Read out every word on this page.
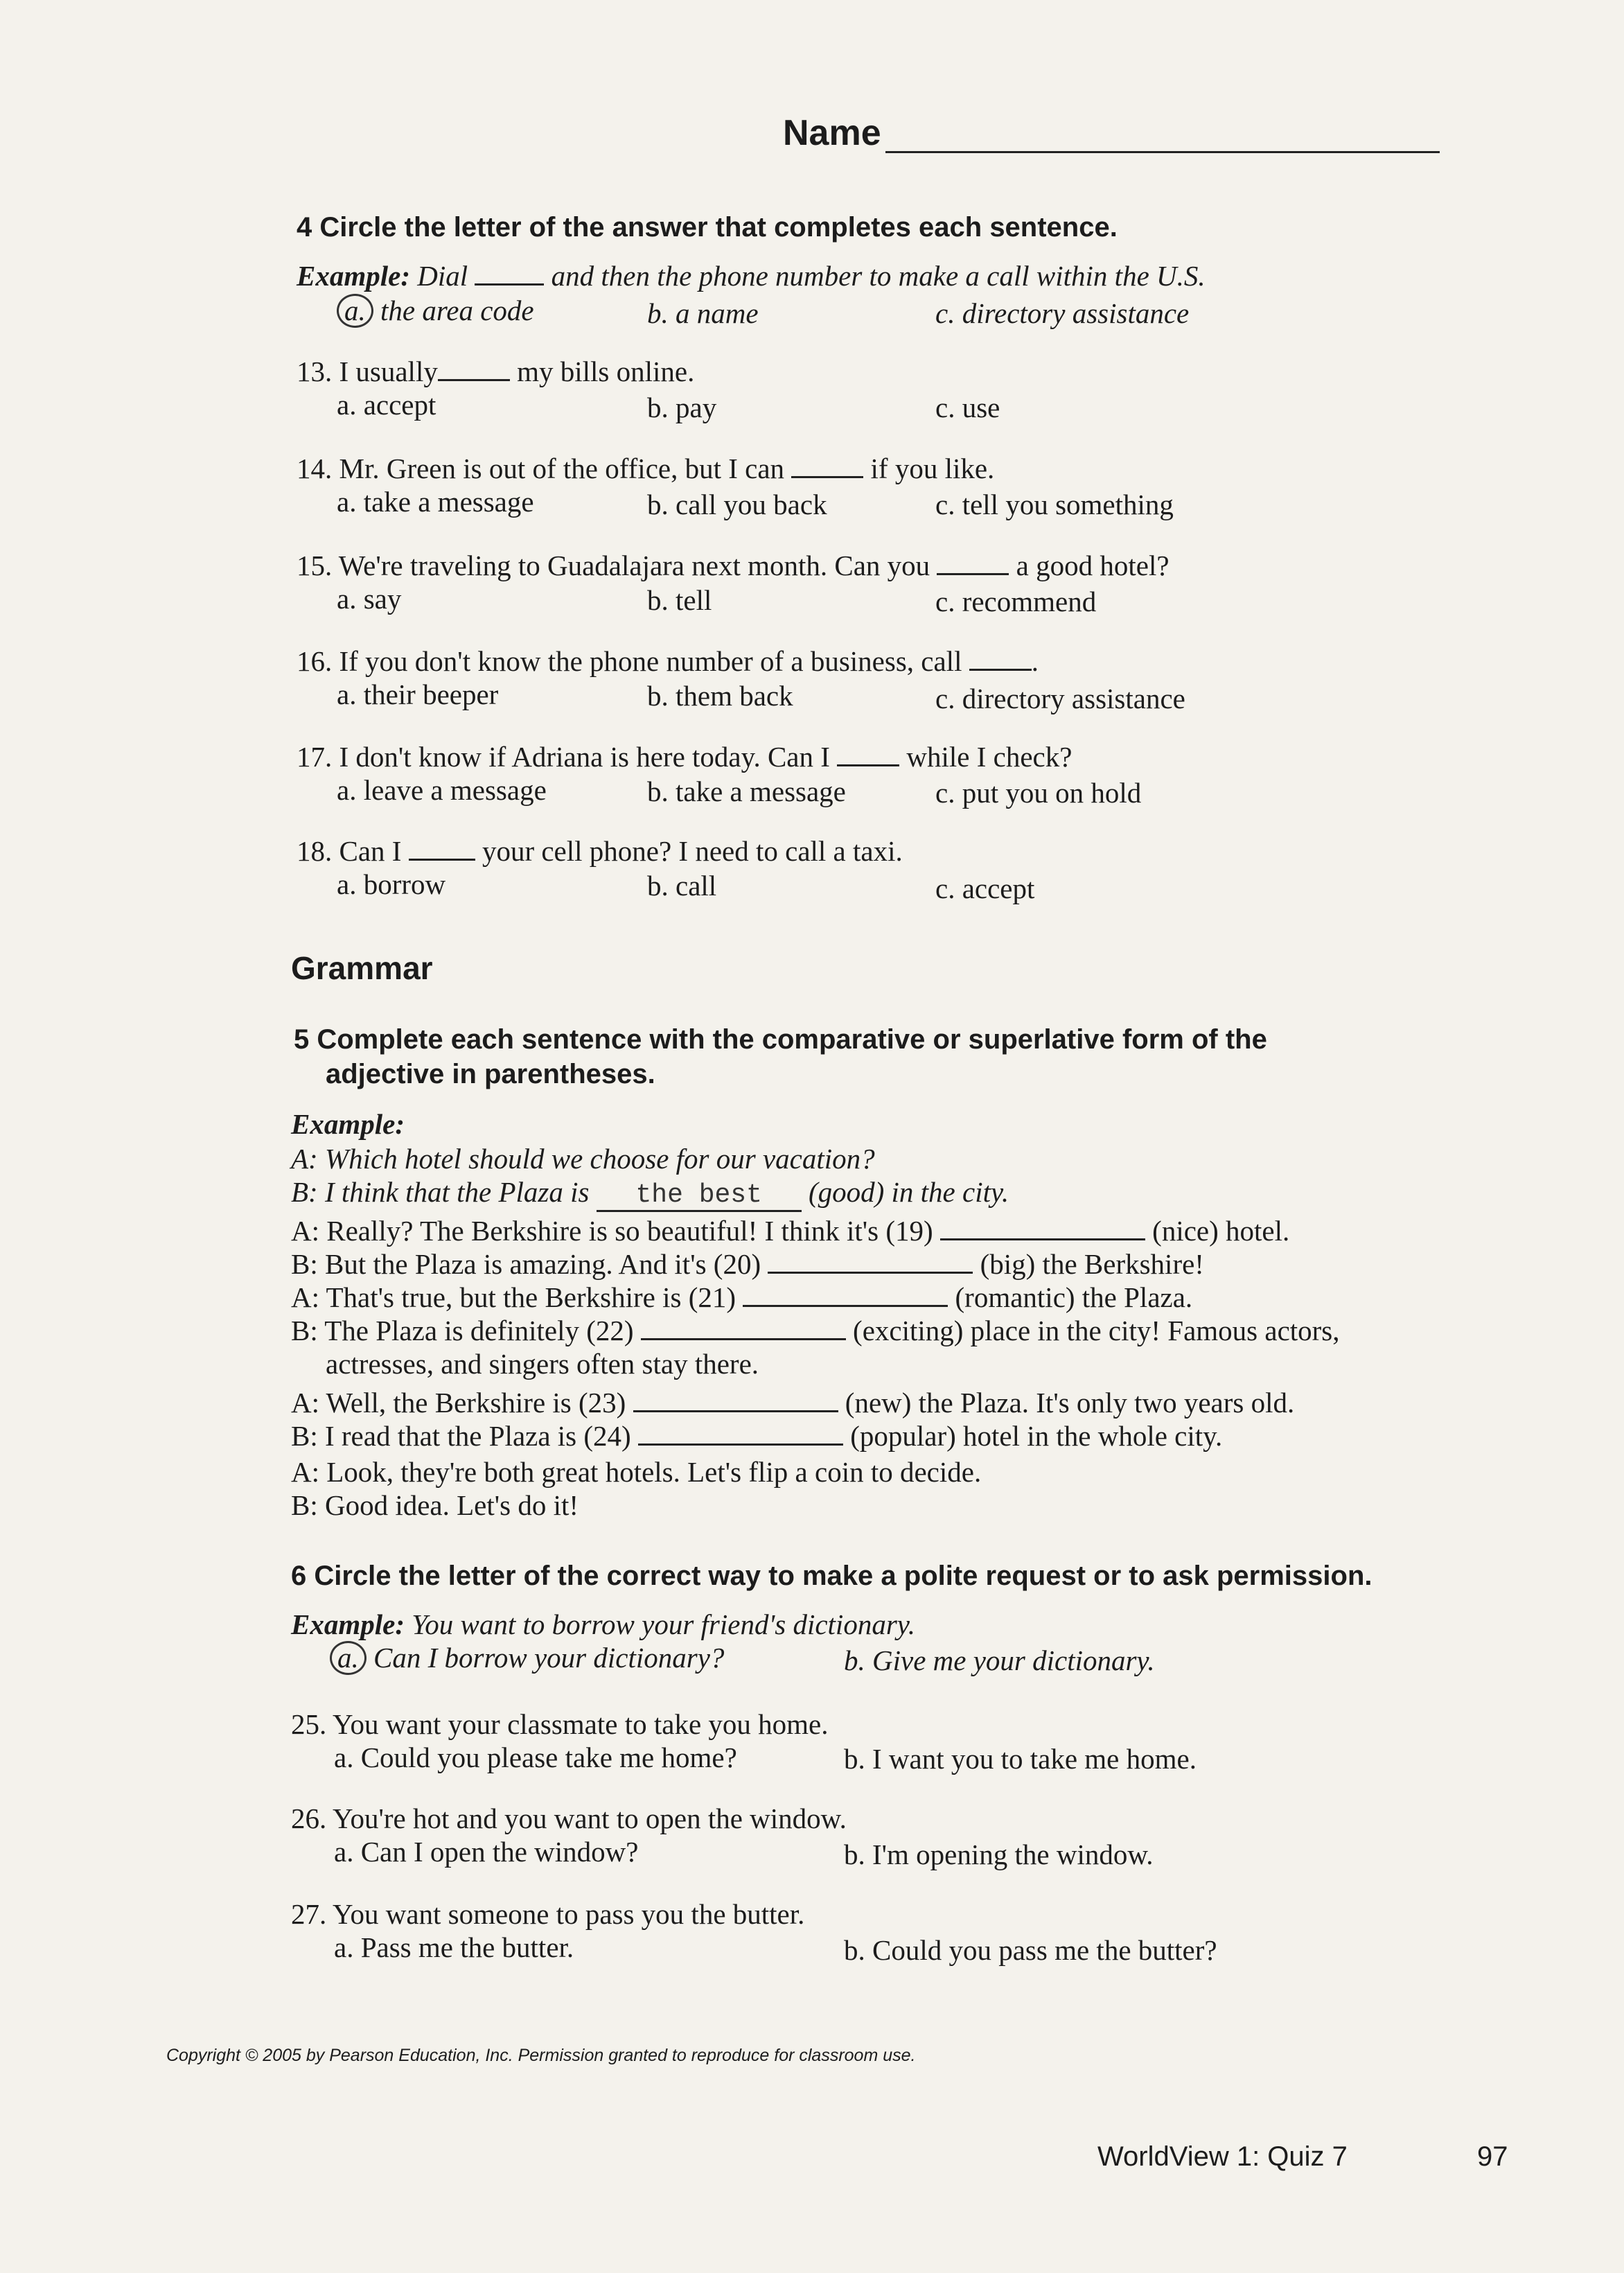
Name
4 Circle the letter of the answer that completes each sentence.
Example: Dial	and then the phone number to make a call within the U.S.
a. the area code	b. a name	c. directory assistance
13. I usually	my bills online.
a. accept	b. pay	c. use
14. Mr. Green is out of the office, but I can	if you like.
a. take a message	b. call you back	c. tell you something
15. We're traveling to Guadalajara next month. Can you	a good hotel?
a. say	b. tell	c. recommend
16. If you don't know the phone number of a business, call .
a. their beeper	b. them back	c. directory assistance
17. I don't know if Adriana is here today. Can I	while I check?
a. leave a message	b. take a message	c. put you on hold
18. Can I	your cell phone? I need to call a taxi.
a. borrow	b. call	c. accept
Grammar
5 Complete each sentence with the comparative or superlative form of the
adjective in parentheses.
Example:
A: Which hotel should we choose for our vacation?
B: I think that the Plaza is the best (good) in the city.
A: Really? The Berkshire is so beautiful! I think it's (19)	(nice) hotel.
B: But the Plaza is amazing. And it's (20)	(big) the Berkshire!
A: That's true, but the Berkshire is (21)	(romantic) the Plaza.
B: The Plaza is definitely (22)	(exciting) place in the city! Famous actors,
actresses, and singers often stay there.
A: Well, the Berkshire is (23)	(new) the Plaza. It's only two years old.
B: I read that the Plaza is (24)	(popular) hotel in the whole city.
A: Look, they're both great hotels. Let's flip a coin to decide.
B: Good idea. Let's do it!
6 Circle the letter of the correct way to make a polite request or to ask permission.
Example: You want to borrow your friend's dictionary.
a. Can I borrow your dictionary?	b. Give me your dictionary.
25. You want your classmate to take you home.
a. Could you please take me home?	b. I want you to take me home.
26. You're hot and you want to open the window.
a. Can I open the window?	b. I'm opening the window.
27. You want someone to pass you the butter.
a. Pass me the butter.	b. Could you pass me the butter?
Copyright © 2005 by Pearson Education, Inc. Permission granted to reproduce for classroom use.
WorldView 1: Quiz 7	97
